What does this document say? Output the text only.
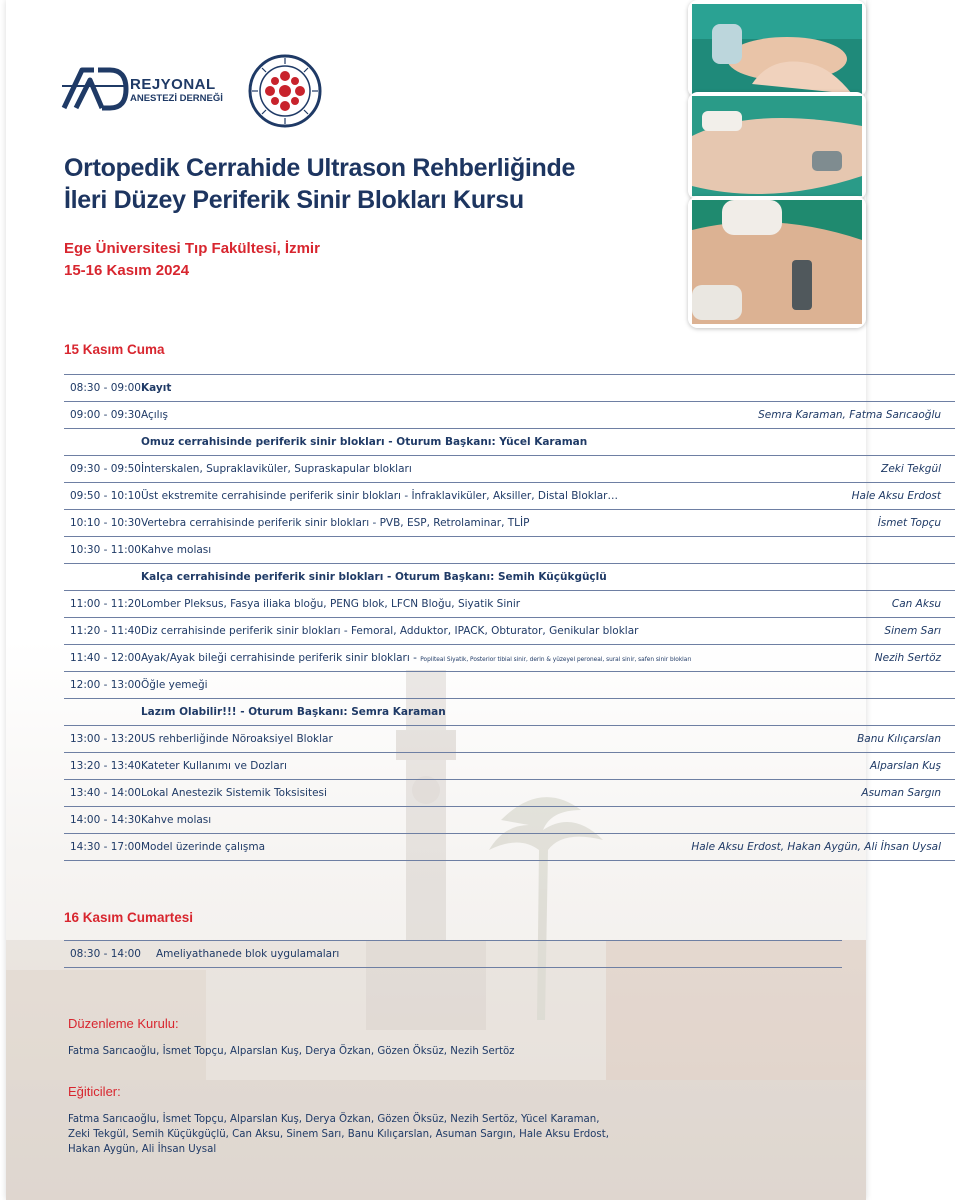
REJYONAL
ANESTEZİ DERNEĞİ
Ortopedik Cerrahide Ultrason Rehberliğinde
İleri Düzey Periferik Sinir Blokları Kursu
Ege Üniversitesi Tıp Fakültesi, İzmir
15-16 Kasım 2024
15 Kasım Cuma
08:30 - 09:00	Kayıt	
09:00 - 09:30	Açılış	Semra Karaman, Fatma Sarıcaoğlu
	Omuz cerrahisinde periferik sinir blokları - Oturum Başkanı: Yücel Karaman	
09:30 - 09:50	İnterskalen, Supraklaviküler, Supraskapular blokları	Zeki Tekgül
09:50 - 10:10	Üst ekstremite cerrahisinde periferik sinir blokları - İnfraklaviküler, Aksiller, Distal Bloklar…	Hale Aksu Erdost
10:10 - 10:30	Vertebra cerrahisinde periferik sinir blokları - PVB, ESP, Retrolaminar, TLİP	İsmet Topçu
10:30 - 11:00	Kahve molası	
	Kalça cerrahisinde periferik sinir blokları - Oturum Başkanı: Semih Küçükgüçlü	
11:00 - 11:20	Lomber Pleksus, Fasya iliaka bloğu, PENG blok, LFCN Bloğu, Siyatik Sinir	Can Aksu
11:20 - 11:40	Diz cerrahisinde periferik sinir blokları - Femoral, Adduktor, IPACK, Obturator, Genikular bloklar	Sinem Sarı
11:40 - 12:00	Ayak/Ayak bileği cerrahisinde periferik sinir blokları - Popliteal Siyatik, Posterior tibial sinir, derin & yüzeyel peroneal, sural sinir, safen sinir blokları	Nezih Sertöz
12:00 - 13:00	Öğle yemeği	
	Lazım Olabilir!!! - Oturum Başkanı: Semra Karaman	
13:00 - 13:20	US rehberliğinde Nöroaksiyel Bloklar	Banu Kılıçarslan
13:20 - 13:40	Kateter Kullanımı ve Dozları	Alparslan Kuş
13:40 - 14:00	Lokal Anestezik Sistemik Toksisitesi	Asuman Sargın
14:00 - 14:30	Kahve molası	
14:30 - 17:00	Model üzerinde çalışma	Hale Aksu Erdost, Hakan Aygün, Ali İhsan Uysal
16 Kasım Cumartesi
08:30 - 14:00	Ameliyathanede blok uygulamaları	
Düzenleme Kurulu:
Fatma Sarıcaoğlu, İsmet Topçu, Alparslan Kuş, Derya Özkan, Gözen Öksüz, Nezih Sertöz
Eğiticiler:
Fatma Sarıcaoğlu, İsmet Topçu, Alparslan Kuş, Derya Özkan, Gözen Öksüz, Nezih Sertöz, Yücel Karaman,
Zeki Tekgül, Semih Küçükgüçlü, Can Aksu, Sinem Sarı, Banu Kılıçarslan, Asuman Sargın, Hale Aksu Erdost,
Hakan Aygün, Ali İhsan Uysal
